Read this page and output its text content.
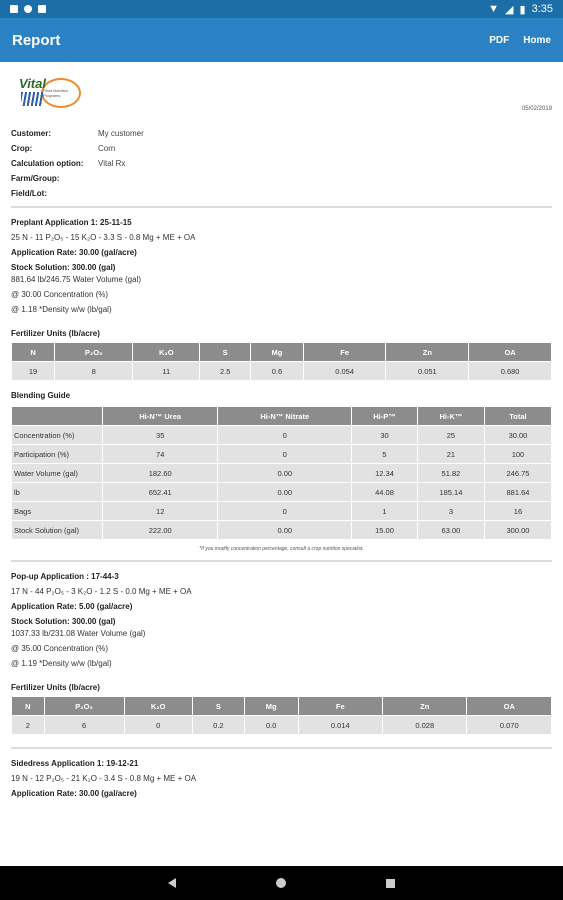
▼ ◢ ▮ 3:35
Report	PDF Home
Vital
Plant Nutrition Programs
05/02/2019
Customer:	My customer
Crop:	Corn
Calculation option:	Vital Rx
Farm/Group:
Field/Lot:
Preplant Application 1: 25-11-15
25 N - 11 P₂O₅ - 15 K₂O - 3.3 S - 0.8 Mg + ME + OA
Application Rate: 30.00 (gal/acre)
Stock Solution: 300.00 (gal)
881.64 lb/246.75 Water Volume (gal)
@ 30.00 Concentration (%)
@ 1.18 *Density w/w (lb/gal)
Fertilizer Units (lb/acre)
N	P₂O₅	K₂O	S	Mg	Fe	Zn	OA
19	8	11	2.5	0.6	0.054	0.051	0.680
Blending Guide
	Hi-N™ Urea	Hi-N™ Nitrate	Hi-P™	Hi-K™	Total
Concentration (%)	35	0	30	25	30.00
Participation (%)	74	0	5	21	100
Water Volume (gal)	182.60	0.00	12.34	51.82	246.75
lb	652.41	0.00	44.08	185.14	881.64
Bags	12	0	1	3	16
Stock Solution (gal)	222.00	0.00	15.00	63.00	300.00
*If you modify concentration percentage, consult a crop nutrition specialist.
Pop-up Application : 17-44-3
17 N - 44 P₂O₅ - 3 K₂O - 1.2 S - 0.0 Mg + ME + OA
Application Rate: 5.00 (gal/acre)
Stock Solution: 300.00 (gal)
1037.33 lb/231.08 Water Volume (gal)
@ 35.00 Concentration (%)
@ 1.19 *Density w/w (lb/gal)
Fertilizer Units (lb/acre)
N	P₂O₅	K₂O	S	Mg	Fe	Zn	OA
2	6	0	0.2	0.0	0.014	0.028	0.070
Sidedress Application 1: 19-12-21
19 N - 12 P₂O₅ - 21 K₂O - 3.4 S - 0.8 Mg + ME + OA
Application Rate: 30.00 (gal/acre)
